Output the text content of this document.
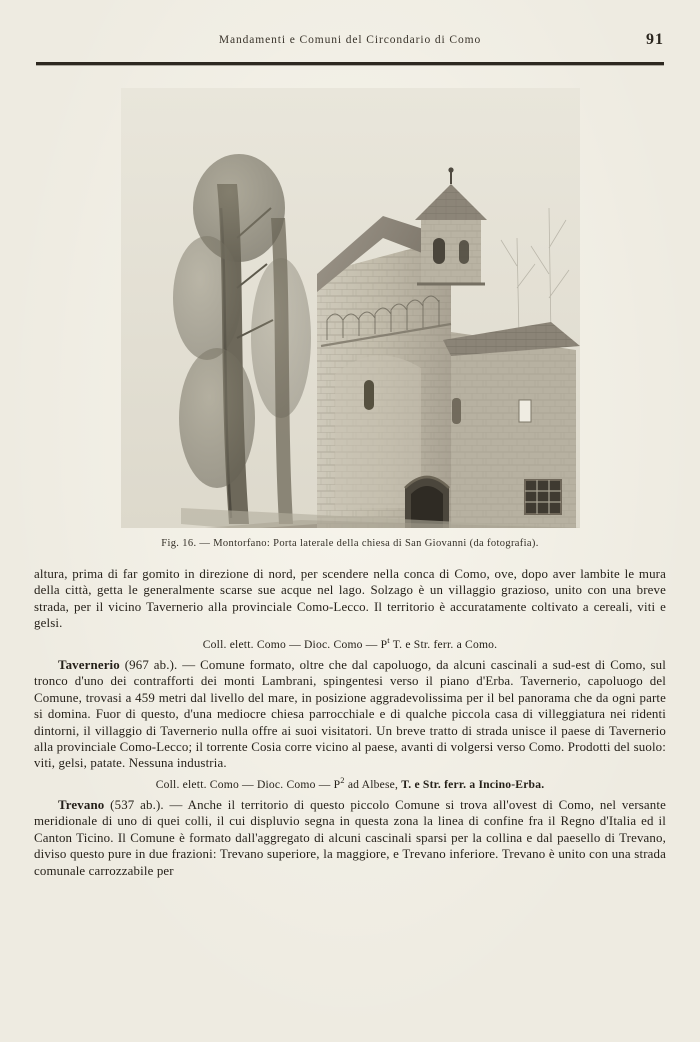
Mandamenti e Comuni del Circondario di Como	91
Fig. 16. — Montorfano: Porta laterale della chiesa di San Giovanni (da fotografia).

altura, prima di far gomito in direzione di nord, per scendere nella conca di Como, ove, dopo aver lambite le mura della città, getta le generalmente scarse sue acque nel lago. Solzago è un villaggio grazioso, unito con una breve strada, per il vicino Tavernerio alla provinciale Como-Lecco. Il territorio è accuratamente coltivato a cereali, viti e gelsi.

Coll. elett. Como — Dioc. Como — $P^t$ T. e Str. ferr. a Como.

Tavernerio (967 ab.). — Comune formato, oltre che dal capoluogo, da alcuni cascinali a sud-est di Como, sul tronco d'uno dei contrafforti dei monti Lambrani, spingentesi verso il piano d'Erba. Tavernerio, capoluogo del Comune, trovasi a 459 metri dal livello del mare, in posizione aggradevolissima per il bel panorama che da ogni parte si domina. Fuor di questo, d'una mediocre chiesa parrocchiale e di qualche piccola casa di villeggiatura nei ridenti dintorni, il villaggio di Tavernerio nulla offre ai suoi visitatori. Un breve tratto di strada unisce il paese di Tavernerio alla provinciale Como-Lecco; il torrente Cosia corre vicino al paese, avanti di volgersi verso Como. Prodotti del suolo: viti, gelsi, patate. Nessuna industria.

Coll. elett. Como — Dioc. Como — $P^2$ ad Albese, T. e Str. ferr. a Incino-Erba.

Trevano (537 ab.). — Anche il territorio di questo piccolo Comune si trova all'ovest di Como, nel versante meridionale di uno di quei colli, il cui displuvio segna in questa zona la linea di confine fra il Regno d'Italia ed il Canton Ticino. Il Comune è formato dall'aggregato di alcuni cascinali sparsi per la collina e dal paesello di Trevano, diviso questo pure in due frazioni: Trevano superiore, la maggiore, e Trevano inferiore. Trevano è unito con una strada comunale carrozzabile per
